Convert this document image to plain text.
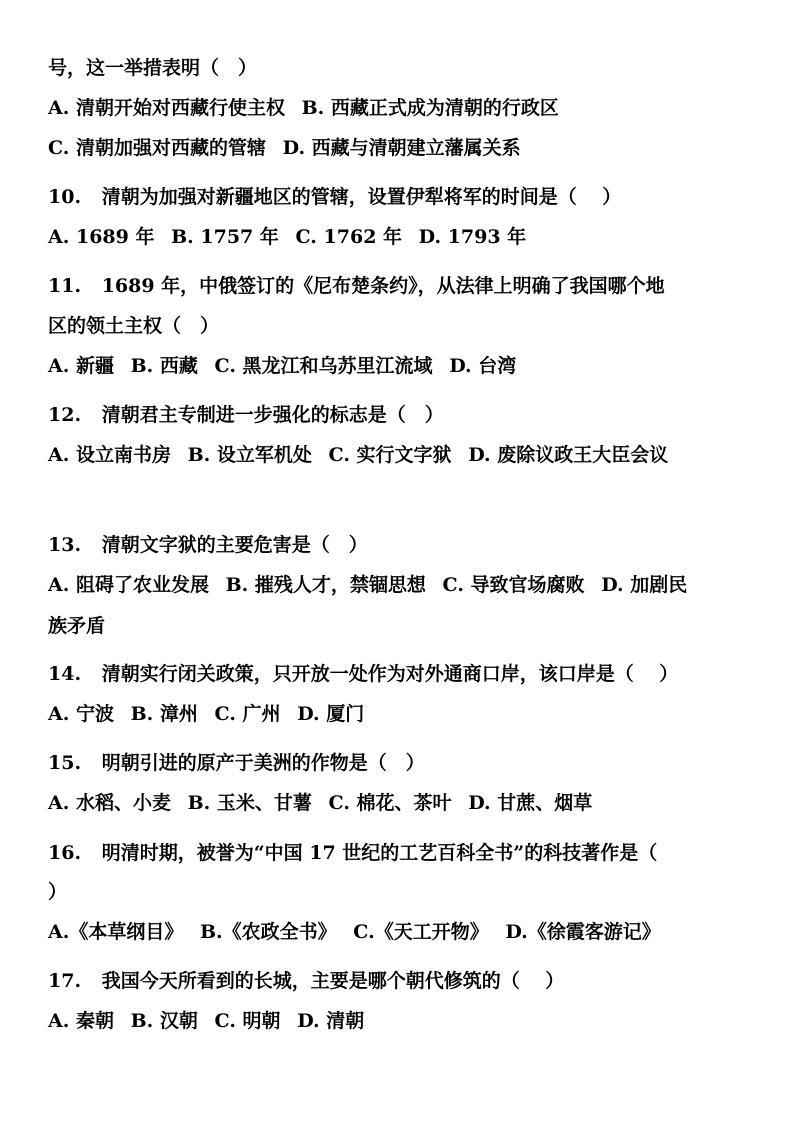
号，这一举措表明（　）
A. 清朝开始对西藏行使主权 B. 西藏正式成为清朝的行政区
C. 清朝加强对西藏的管辖 D. 西藏与清朝建立藩属关系
10. 清朝为加强对新疆地区的管辖，设置伊犁将军的时间是（　 ）
A. 1689 年 B. 1757 年 C. 1762 年 D. 1793 年
11. 1689 年，中俄签订的《尼布楚条约》，从法律上明确了我国哪个地
区的领土主权（　）
A. 新疆 B. 西藏 C. 黑龙江和乌苏里江流域 D. 台湾
12. 清朝君主专制进一步强化的标志是（　）
A. 设立南书房 B. 设立军机处 C. 实行文字狱 D. 废除议政王大臣会议
13. 清朝文字狱的主要危害是（　）
A. 阻碍了农业发展 B. 摧残人才，禁锢思想 C. 导致官场腐败 D. 加剧民
族矛盾
14. 清朝实行闭关政策，只开放一处作为对外通商口岸，该口岸是（　 ）
A. 宁波 B. 漳州 C. 广州 D. 厦门
15. 明朝引进的原产于美洲的作物是（　）
A. 水稻、小麦 B. 玉米、甘薯 C. 棉花、茶叶 D. 甘蔗、烟草
16. 明清时期，被誉为“中国 17 世纪的工艺百科全书”的科技著作是（
）
A.《本草纲目》 B.《农政全书》 C.《天工开物》 D.《徐霞客游记》
17. 我国今天所看到的长城，主要是哪个朝代修筑的（　 ）
A. 秦朝 B. 汉朝 C. 明朝 D. 清朝
